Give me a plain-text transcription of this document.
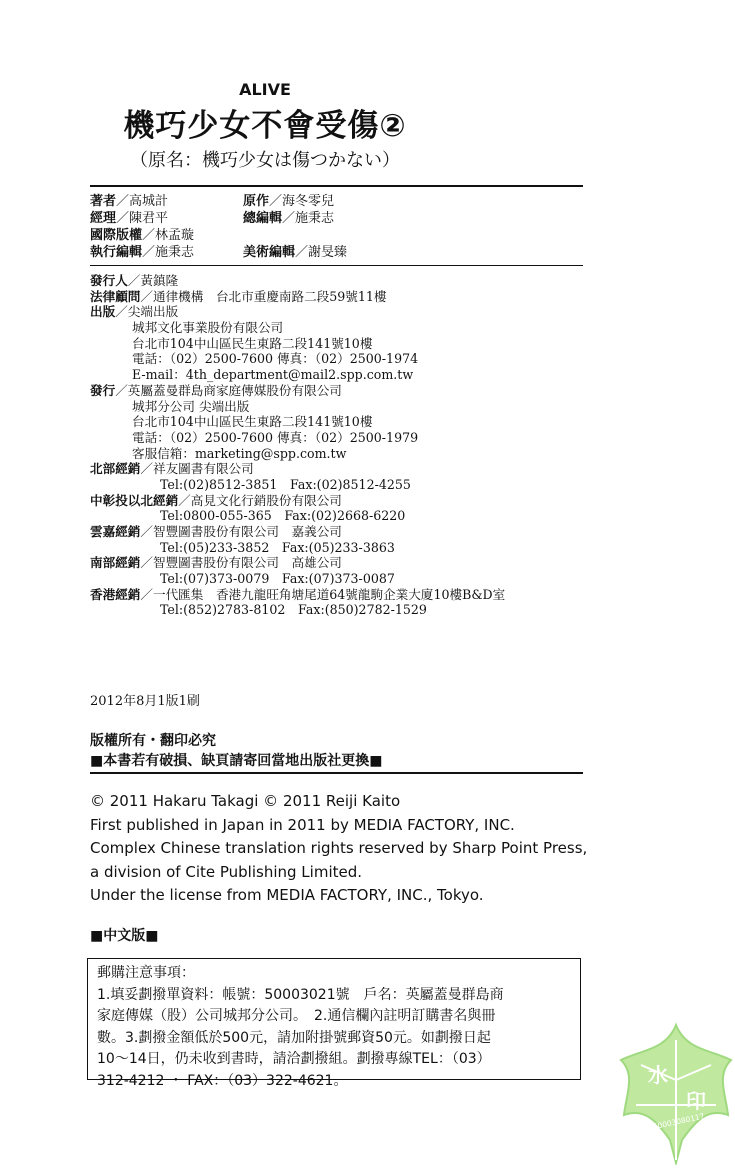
ALIVE
機巧少女不會受傷②
（原名：機巧少女は傷つかない）
著者／高城計	原作／海冬零兒
經理／陳君平	總編輯／施秉志
國際版權／林孟璇
執行編輯／施秉志	美術編輯／謝旻臻
發行人／黃鎮隆
法律顧問／通律機構　台北市重慶南路二段59號11樓
出版／尖端出版
城邦文化事業股份有限公司
台北市104中山區民生東路二段141號10樓
電話：（02）2500-7600 傳真：（02）2500-1974
E-mail：4th_department@mail2.spp.com.tw
發行／英屬蓋曼群島商家庭傳媒股份有限公司
城邦分公司 尖端出版
台北市104中山區民生東路二段141號10樓
電話：（02）2500-7600 傳真：（02）2500-1979
客服信箱：marketing@spp.com.tw
北部經銷／祥友圖書有限公司
Tel:(02)8512-3851　Fax:(02)8512-4255
中彰投以北經銷／高見文化行銷股份有限公司
Tel:0800-055-365　Fax:(02)2668-6220
雲嘉經銷／智豐圖書股份有限公司　嘉義公司
Tel:(05)233-3852　Fax:(05)233-3863
南部經銷／智豐圖書股份有限公司　高雄公司
Tel:(07)373-0079　Fax:(07)373-0087
香港經銷／一代匯集　香港九龍旺角塘尾道64號龍駒企業大廈10樓B&D室
Tel:(852)2783-8102　Fax:(850)2782-1529
2012年8月1版1刷
版權所有・翻印必究
■本書若有破損、缺頁請寄回當地出版社更換■
© 2011 Hakaru Takagi © 2011 Reiji Kaito
First published in Japan in 2011 by MEDIA FACTORY, INC.
Complex Chinese translation rights reserved by Sharp Point Press,
a division of Cite Publishing Limited.
Under the license from MEDIA FACTORY, INC., Tokyo.
■中文版■
郵購注意事項：
1.填妥劃撥單資料：帳號：50003021號　戶名：英屬蓋曼群島商
家庭傳媒（股）公司城邦分公司。　2.通信欄內註明訂購書名與冊
數。3.劃撥金額低於500元，請加附掛號郵資50元。如劃撥日起
10～14日，仍未收到書時，請洽劃撥組。劃撥專線TEL：（03）
312-4212 ・ FAX：（03）322-4621。	水
印
Scan by 60003080117
